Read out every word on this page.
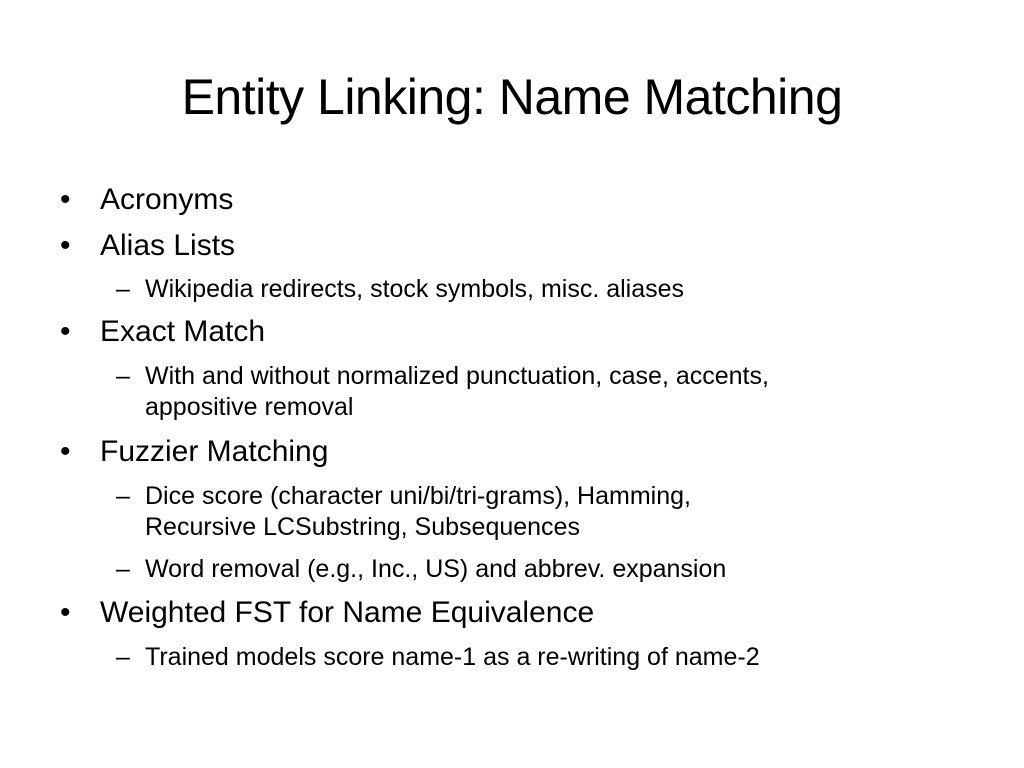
Entity Linking: Name Matching
• Acronyms
• Alias Lists
– Wikipedia redirects, stock symbols, misc. aliases
• Exact Match
– With and without normalized punctuation, case, accents,
appositive removal
• Fuzzier Matching
– Dice score (character uni/bi/tri-grams), Hamming,
Recursive LCSubstring, Subsequences
– Word removal (e.g., Inc., US) and abbrev. expansion
• Weighted FST for Name Equivalence
– Trained models score name-1 as a re-writing of name-2
